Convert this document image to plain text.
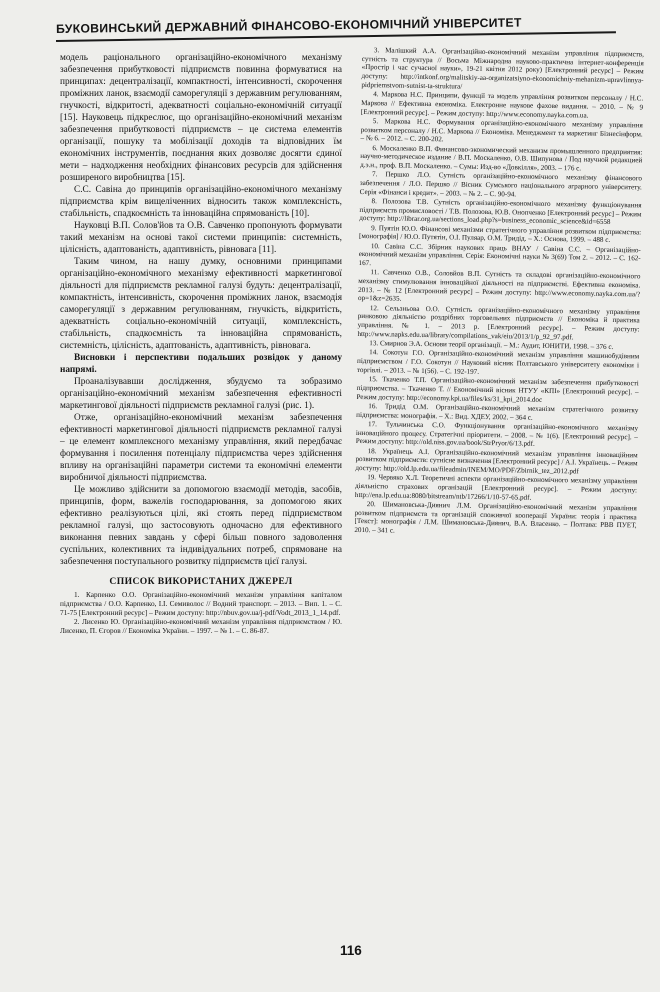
БУКОВИНСЬКИЙ ДЕРЖАВНИЙ ФІНАНСОВО-ЕКОНОМІЧНИЙ УНІВЕРСИТЕТ

модель раціонального організаційно-економічного механізму забезпечення прибутковості підприємств повинна формуватися на принципах: децентралізації, компактності, інтенсивності, скорочення проміжних ланок, взаємодії саморегуляції з державним регулюванням, гнучкості, відкритості, адекватності соціально-економічній ситуації [15]. Науковець підкреслює, що організаційно-економічний механізм забезпечення прибутковості підприємств – це система елементів організації, пошуку та мобілізації доходів та відповідних їм економічних інструментів, поєднання яких дозволяє досягти єдиної мети – надходження необхідних фінансових ресурсів для здійснення розширеного виробництва [15].

С.С. Савіна до принципів організаційно-економічного механізму підприємства крім вищеліченних відносить також комплексність, стабільність, спадкоємність та інноваційна спрямованість [10].

Науковці В.П. Солов'йов та О.В. Савченко пропонують формувати такий механізм на основі такої системи принципів: системність, цілісність, адаптованість, адаптивність, рівновага [11].

Таким чином, на нашу думку, основними принципами організаційно-економічного механізму ефективності маркетингової діяльності для підприємств рекламної галузі будуть: децентралізації, компактність, інтенсивність, скорочення проміжних ланок, взаємодія саморегуляції з державним регулюванням, гнучкість, відкритість, адекватність соціально-економічній ситуації, комплексність, стабільність, спадкоємність та інноваційна спрямованість, системність, цілісність, адаптованість, адаптивність, рівновага.

Висновки і перспективи подальших розвідок у даному напрямі.

Проаналізувавши дослідження, збудуємо та зобразимо організаційно-економічний механізм забезпечення ефективності маркетингової діяльності підприємств рекламної галузі (рис. 1).

Отже, організаційно-економічний механізм забезпечення ефективності маркетингової діяльності підприємств рекламної галузі – це елемент комплексного механізму управління, який передбачає формування і посилення потенціалу підприємства через здійснення впливу на організаційні параметри системи та економічні елементи виробничої діяльності підприємства.

Це можливо здійснити за допомогою взаємодії методів, засобів, принципів, форм, важелів господарювання, за допомогою яких ефективно реалізуються цілі, які стоять перед підприємством рекламної галузі, що застосовують одночасно для ефективного виконання певних завдань у сфері більш повного задоволення суспільних, колективних та індивідуальних потреб, спрямоване на забезпечення поступального розвитку підприємств цієї галузі.

СПИСОК ВИКОРИСТАНИХ ДЖЕРЕЛ

1. Карпенко О.О. Організаційно-економічний механізм управління капіталом підприємства / О.О. Карпенко, І.І. Семиволос // Водний транспорт. – 2013. – Вип. 1. – С. 71-75 [Електронний ресурс] – Режим доступу: http://nbuv.gov.ua/j-pdf/Vodt_2013_1_14.pdf.

2. Лисенко Ю. Організаційно-економічний механізм управління підприємством / Ю. Лисенко, П. Єгоров // Економіка України. – 1997. – № 1. – С. 86-87.

3. Малішкий А.А. Організаційно-економічний механізм управління підприємств, сутність та структура // Восьма Міжнародна науково-практична інтернет-конференція «Простір і час сучасної науки», 19-21 квітня 2012 року) [Електронний ресурс] – Режим доступу: http://intkonf.org/malitskiy-aa-organizatsiyno-ekonomichniy-mehanizm-upravlinnya-pidpriemstvom-sutnist-ta-struktura/

4. Маркова Н.С. Принципи, функції та модель управління розвитком персоналу / Н.С. Маркова // Ефективна економіка. Електронне наукове фахове видання. – 2010. – № 9 [Електронний ресурс]. – Режим доступу: http://www.economy.nayka.com.ua.

5. Маркова Н.С. Формування організаційно-економічного механізму управління розвитком персоналу / Н.С. Маркова // Економіка. Менеджмент та маркетинг Бізнесінформ. – № 6. – 2012. – С. 200-202.

6. Москаленко В.П. Финансово-экономический механизм промышленного предприятия: научно-методическое издание / В.П. Москаленко, О.В. Шипунова / Под научной редакцией д.э.н., проф. В.П. Москаленко. – Сумы: Изд-во «Довкілля», 2003. – 176 с.

7. Першко Л.О. Сутність організаційно-економічного механізму фінансового забезпечення / Л.О. Першко // Вісник Сумського національного аграрного університету. Серія «Фінанси і кредит». – 2003. – № 2. – С. 90-94.

8. Полозова Т.В. Сутність організаційно-економічного механізму функціонування підприємств промисловості / Т.В. Полозова, Ю.В. Онопченко [Електронний ресурс] – Режим доступу: http://librar.org.ua/sections_load.php?s=business_economic_science&id=6558

9. Пуятін Ю.О. Фінансові механізми стратегічного управління розвитком підприємства: [монографія] / Ю.О. Путятін, О.І. Пуляар, О.М. Тридід. – Х.: Основа, 1999. – 488 с.

10. Савіна С.С. Збірник наукових праць ВНАУ / Савіна С.С. – Організаційно-економічний механізм управління. Серія: Економічні науки № 3(69) Том 2. – 2012. – С. 162-167.

11. Савченко О.В., Соловйов В.П. Сутність та складові організаційно-економічного механізму стимулювання інноваційної діяльності на підприємстві. Ефективна економіка. 2013. – № 12 [Електронний ресурс] – Режим доступу: http://www.economy.nayka.com.ua/?op=1&z=2635.

12. Сельзньова О.О. Сутність організаційно-економічного механізму управління ринковою діяльністю роздрібних торговельних підприємств // Економіка й практика управління. № 1. – 2013 р. [Електронний ресурс]. – Режим доступу: http://www.napks.edu.ua/library/compilations_vak/eiu/2013/1/p_92_97.pdf.

13. Смирнов Э.А. Основи теорії організації. – М.: Аудит, ЮНИТИ, 1998. – 376 с.

14. Сокотун Г.О. Організаційно-економічний механізм управління машинобудівним підприємством / Г.О. Сокотун // Науковий вісник Полтавського університету економіки і торгівлі. – 2013. – № 1(56). – С. 192-197.

15. Ткаченко Т.П. Організаційно-економічний механізм забезпечення прибутковості підприємства. – Ткаченко Т. // Економічний вісник НТУУ «КПІ» [Електронний ресурс]. – Режим доступу: http://economy.kpi.ua/files/ks/31_kpi_2014.doc

16. Тридід О.М. Організаційно-економічний механізм стратегічного розвитку підприємства: монографія. – Х.: Вид. ХДЕУ, 2002. – 364 с.

17. Тульчинська С.О. Функціонування організаційно-економічного механізму інноваційного процесу. Стратегічні пріоритети. – 2008. – № 1(6). [Електронний ресурс]. – Режим доступу: http://old.niss.gov.ua/book/StrPryor/6/13.pdf.

18. Українець А.І. Організаційно-економічний механізм управління інноваційним розвитком підприємств: сутнісне визначення [Електронний ресурс] / А.І. Українець. – Режим доступу: http://old.lp.edu.ua/fileadmin/INEM/MO/PDF/Zbirnik_tez_2012.pdf

19. Червяко Х.Л. Теоретичні аспекти організаційно-економічного механізму управління діяльністю страхових організацій [Електронний ресурс]. – Режим доступу: http://ena.lp.edu.ua:8080/bitstream/ntb/17266/1/10-57-65.pdf.

20. Шимановська-Диянич Л.М. Організаційно-економічний механізм управління розвитком підприємств та організацій споживчої кооперації України: теорія і практика [Текст]: монографія / Л.М. Шимановська-Диянич, В.А. Власенко. – Полтава: РВВ ПУЕТ, 2010. – 341 с.

116
